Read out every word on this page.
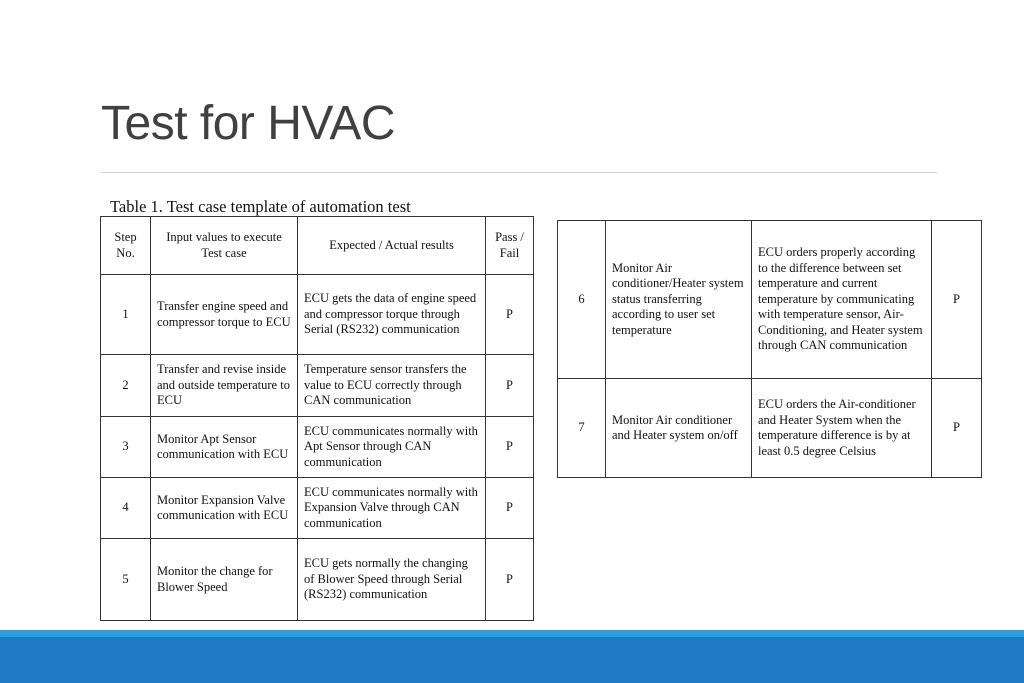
Test for HVAC
Table 1. Test case template of automation test
Step No.	Input values to execute Test case	Expected / Actual results	Pass / Fail
1	Transfer engine speed and compressor torque to ECU	ECU gets the data of engine speed and compressor torque through Serial (RS232) communication	P
2	Transfer and revise inside and outside temperature to ECU	Temperature sensor transfers the value to ECU correctly through CAN communication	P
3	Monitor Apt Sensor communication with ECU	ECU communicates normally with Apt Sensor through CAN communication	P
4	Monitor Expansion Valve communication with ECU	ECU communicates normally with Expansion Valve through CAN communication	P
5	Monitor the change for Blower Speed	ECU gets normally the changing of Blower Speed through Serial (RS232) communication	P

6	Monitor Air conditioner/Heater system status transferring according to user set temperature	ECU orders properly according to the difference between set temperature and current temperature by communicating with temperature sensor, Air-Conditioning, and Heater system through CAN communication	P
7	Monitor Air conditioner and Heater system on/off	ECU orders the Air-conditioner and Heater System when the temperature difference is by at least 0.5 degree Celsius	P
